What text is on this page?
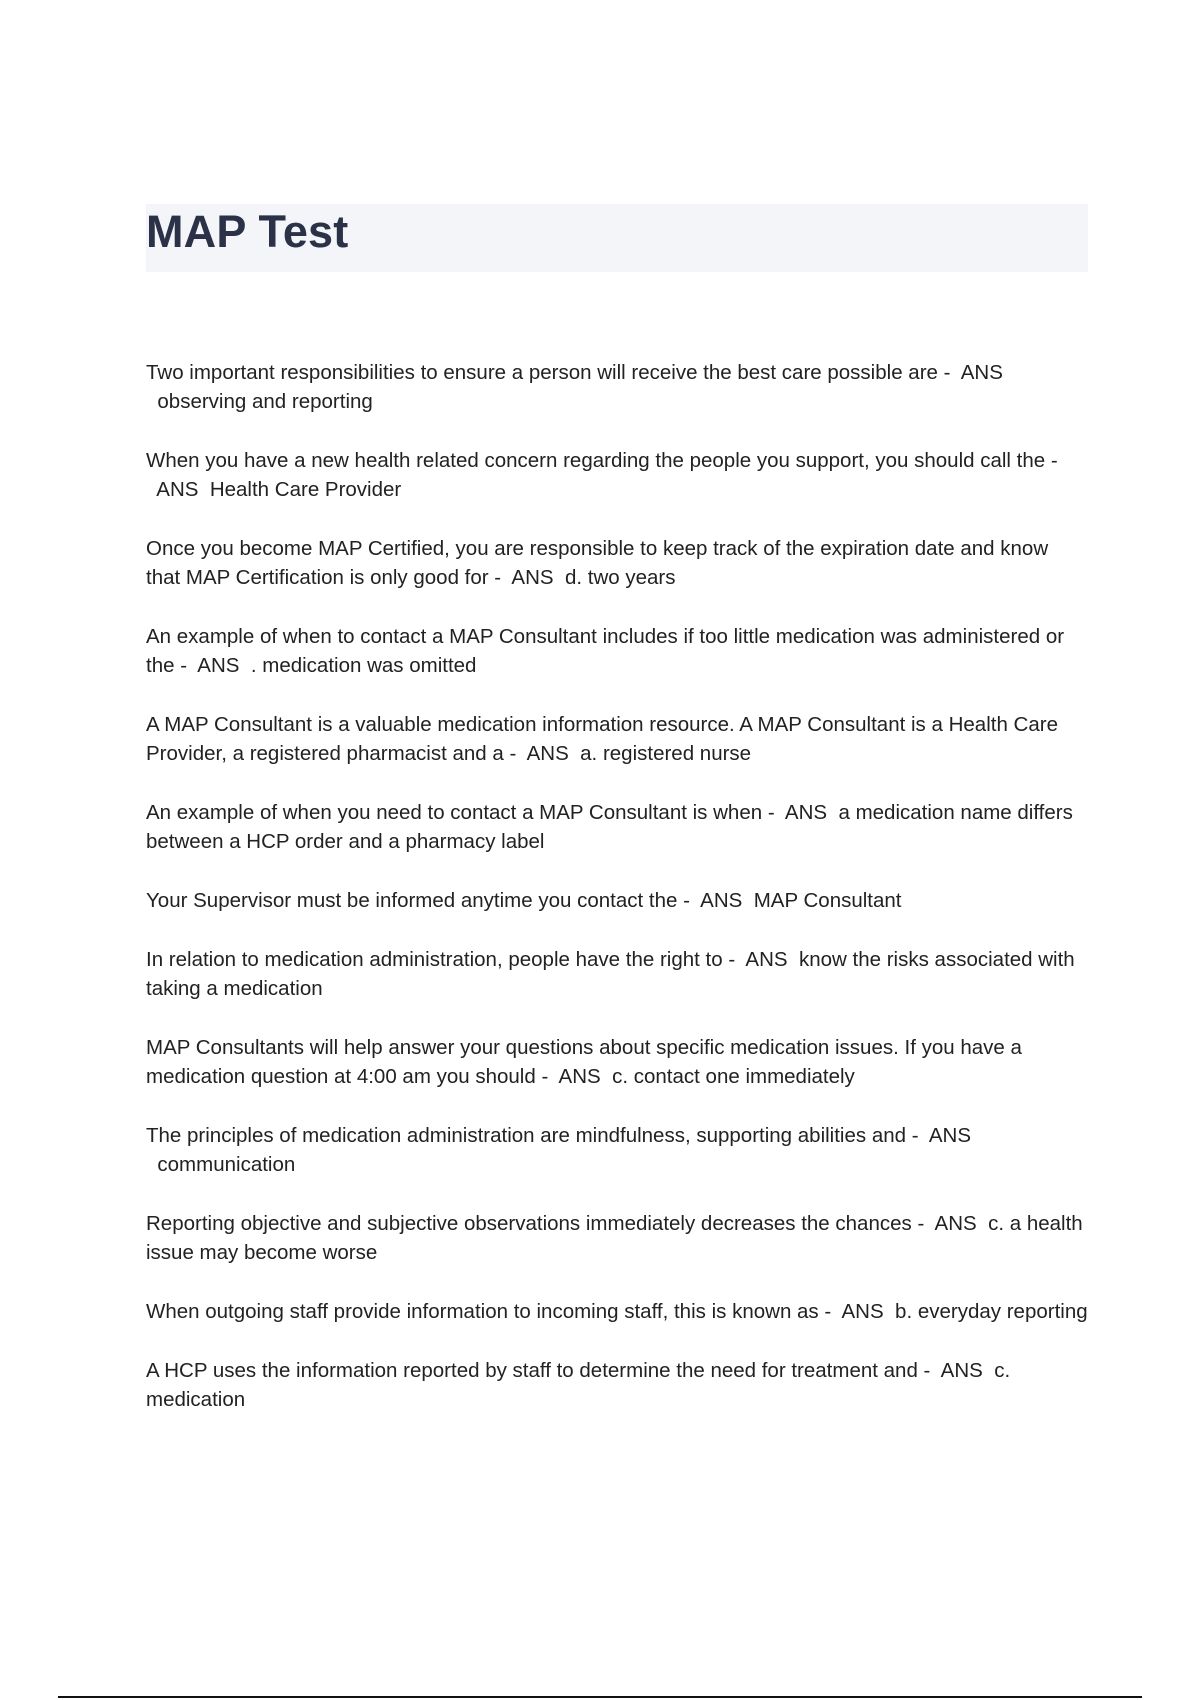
MAP Test
Two important responsibilities to ensure a person will receive the best care possible are - ANS  observing and reporting
When you have a new health related concern regarding the people you support, you should call the -  ANS Health Care Provider
Once you become MAP Certified, you are responsible to keep track of the expiration date and know that MAP Certification is only good for - ANS d. two years
An example of when to contact a MAP Consultant includes if too little medication was administered or the - ANS . medication was omitted
A MAP Consultant is a valuable medication information resource. A MAP Consultant is a Health Care Provider, a registered pharmacist and a - ANS a. registered nurse
An example of when you need to contact a MAP Consultant is when - ANS a medication name differs between a HCP order and a pharmacy label
Your Supervisor must be informed anytime you contact the - ANS MAP Consultant
In relation to medication administration, people have the right to - ANS know the risks associated with taking a medication
MAP Consultants will help answer your questions about specific medication issues. If you have a medication question at 4:00 am you should - ANS c. contact one immediately
The principles of medication administration are mindfulness, supporting abilities and - ANS  communication
Reporting objective and subjective observations immediately decreases the chances - ANS c. a health issue may become worse
When outgoing staff provide information to incoming staff, this is known as - ANS b. everyday reporting
A HCP uses the information reported by staff to determine the need for treatment and - ANS c. medication
